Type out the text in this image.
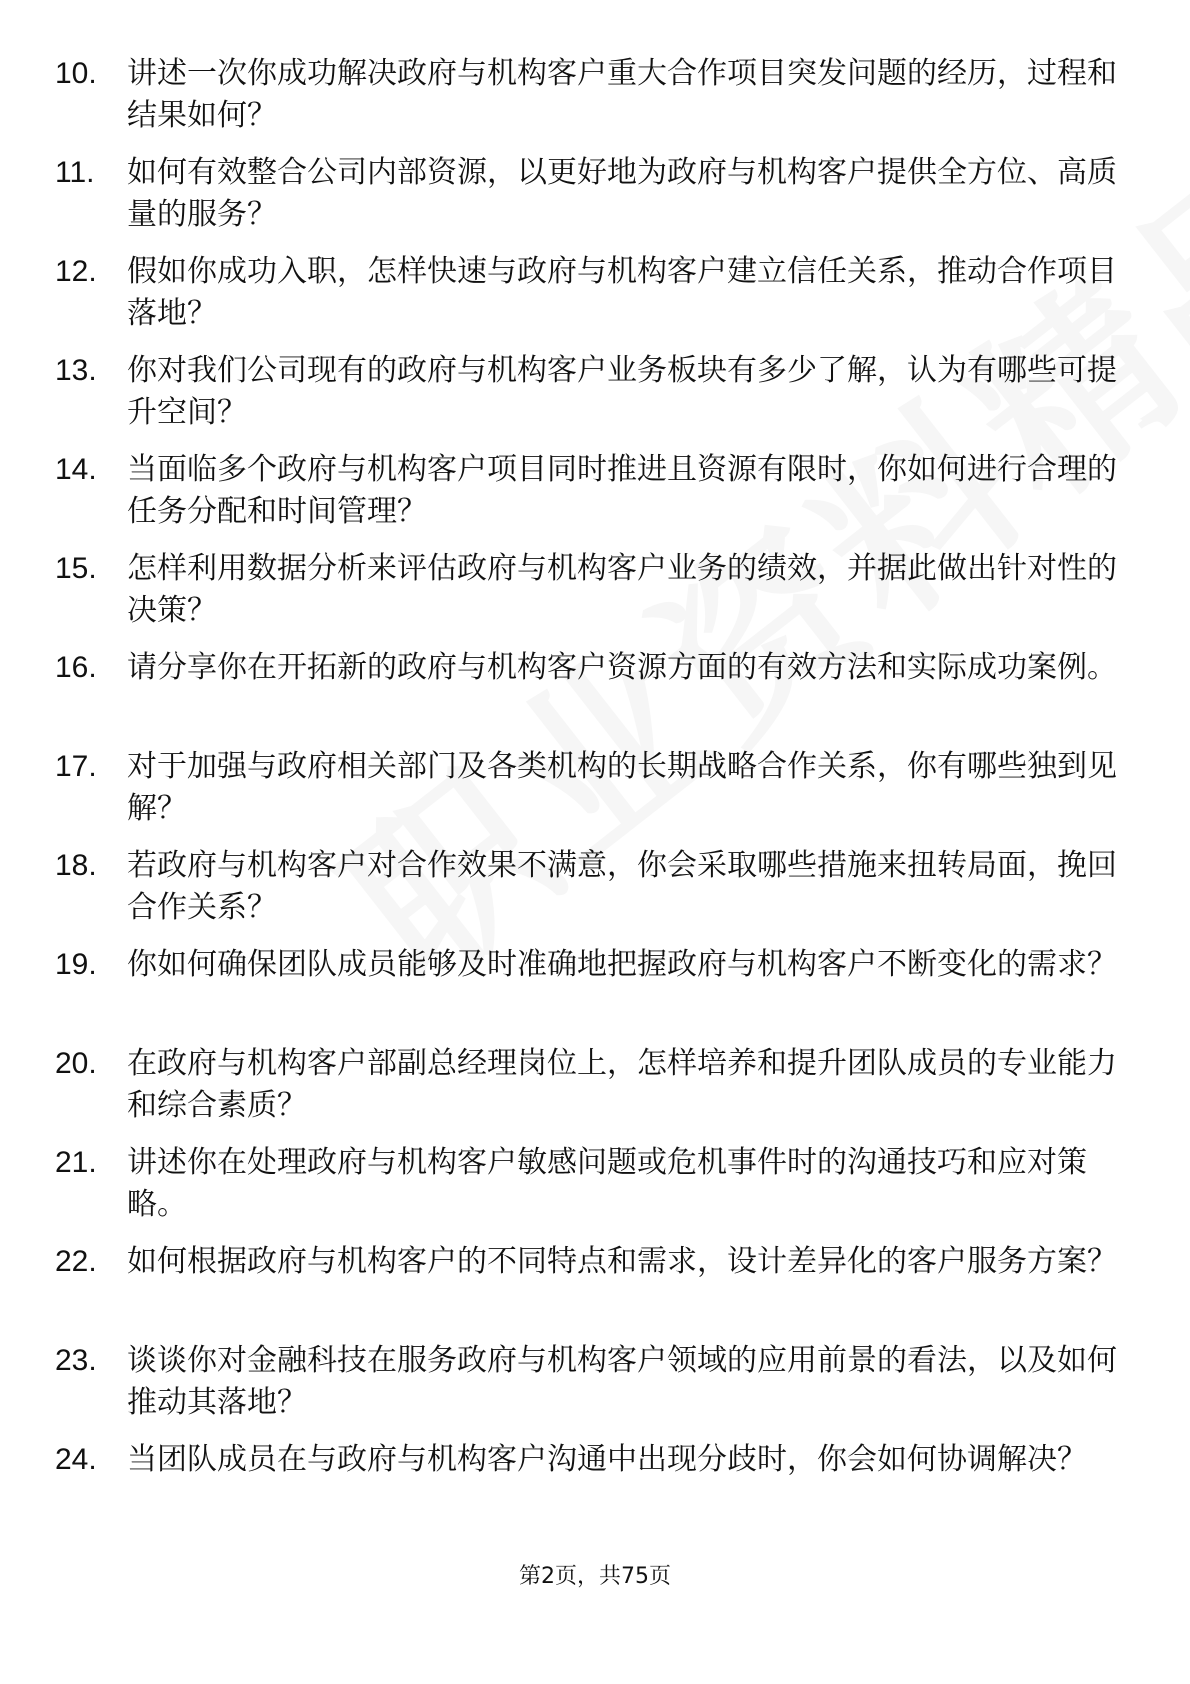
10.	讲述一次你成功解决政府与机构客户重大合作项目突发问题的经历，过程和结果如何？
11.	如何有效整合公司内部资源，以更好地为政府与机构客户提供全方位、高质量的服务？
12.	假如你成功入职，怎样快速与政府与机构客户建立信任关系，推动合作项目落地？
13.	你对我们公司现有的政府与机构客户业务板块有多少了解，认为有哪些可提升空间？
14.	当面临多个政府与机构客户项目同时推进且资源有限时，你如何进行合理的任务分配和时间管理？
15.	怎样利用数据分析来评估政府与机构客户业务的绩效，并据此做出针对性的决策？
16.	请分享你在开拓新的政府与机构客户资源方面的有效方法和实际成功案例。
17.	对于加强与政府相关部门及各类机构的长期战略合作关系，你有哪些独到见解？
18.	若政府与机构客户对合作效果不满意，你会采取哪些措施来扭转局面，挽回合作关系？
19.	你如何确保团队成员能够及时准确地把握政府与机构客户不断变化的需求？
20.	在政府与机构客户部副总经理岗位上，怎样培养和提升团队成员的专业能力和综合素质？
21.	讲述你在处理政府与机构客户敏感问题或危机事件时的沟通技巧和应对策略。
22.	如何根据政府与机构客户的不同特点和需求，设计差异化的客户服务方案？
23.	谈谈你对金融科技在服务政府与机构客户领域的应用前景的看法，以及如何推动其落地？
24.	当团队成员在与政府与机构客户沟通中出现分歧时，你会如何协调解决？
第2页，共75页
